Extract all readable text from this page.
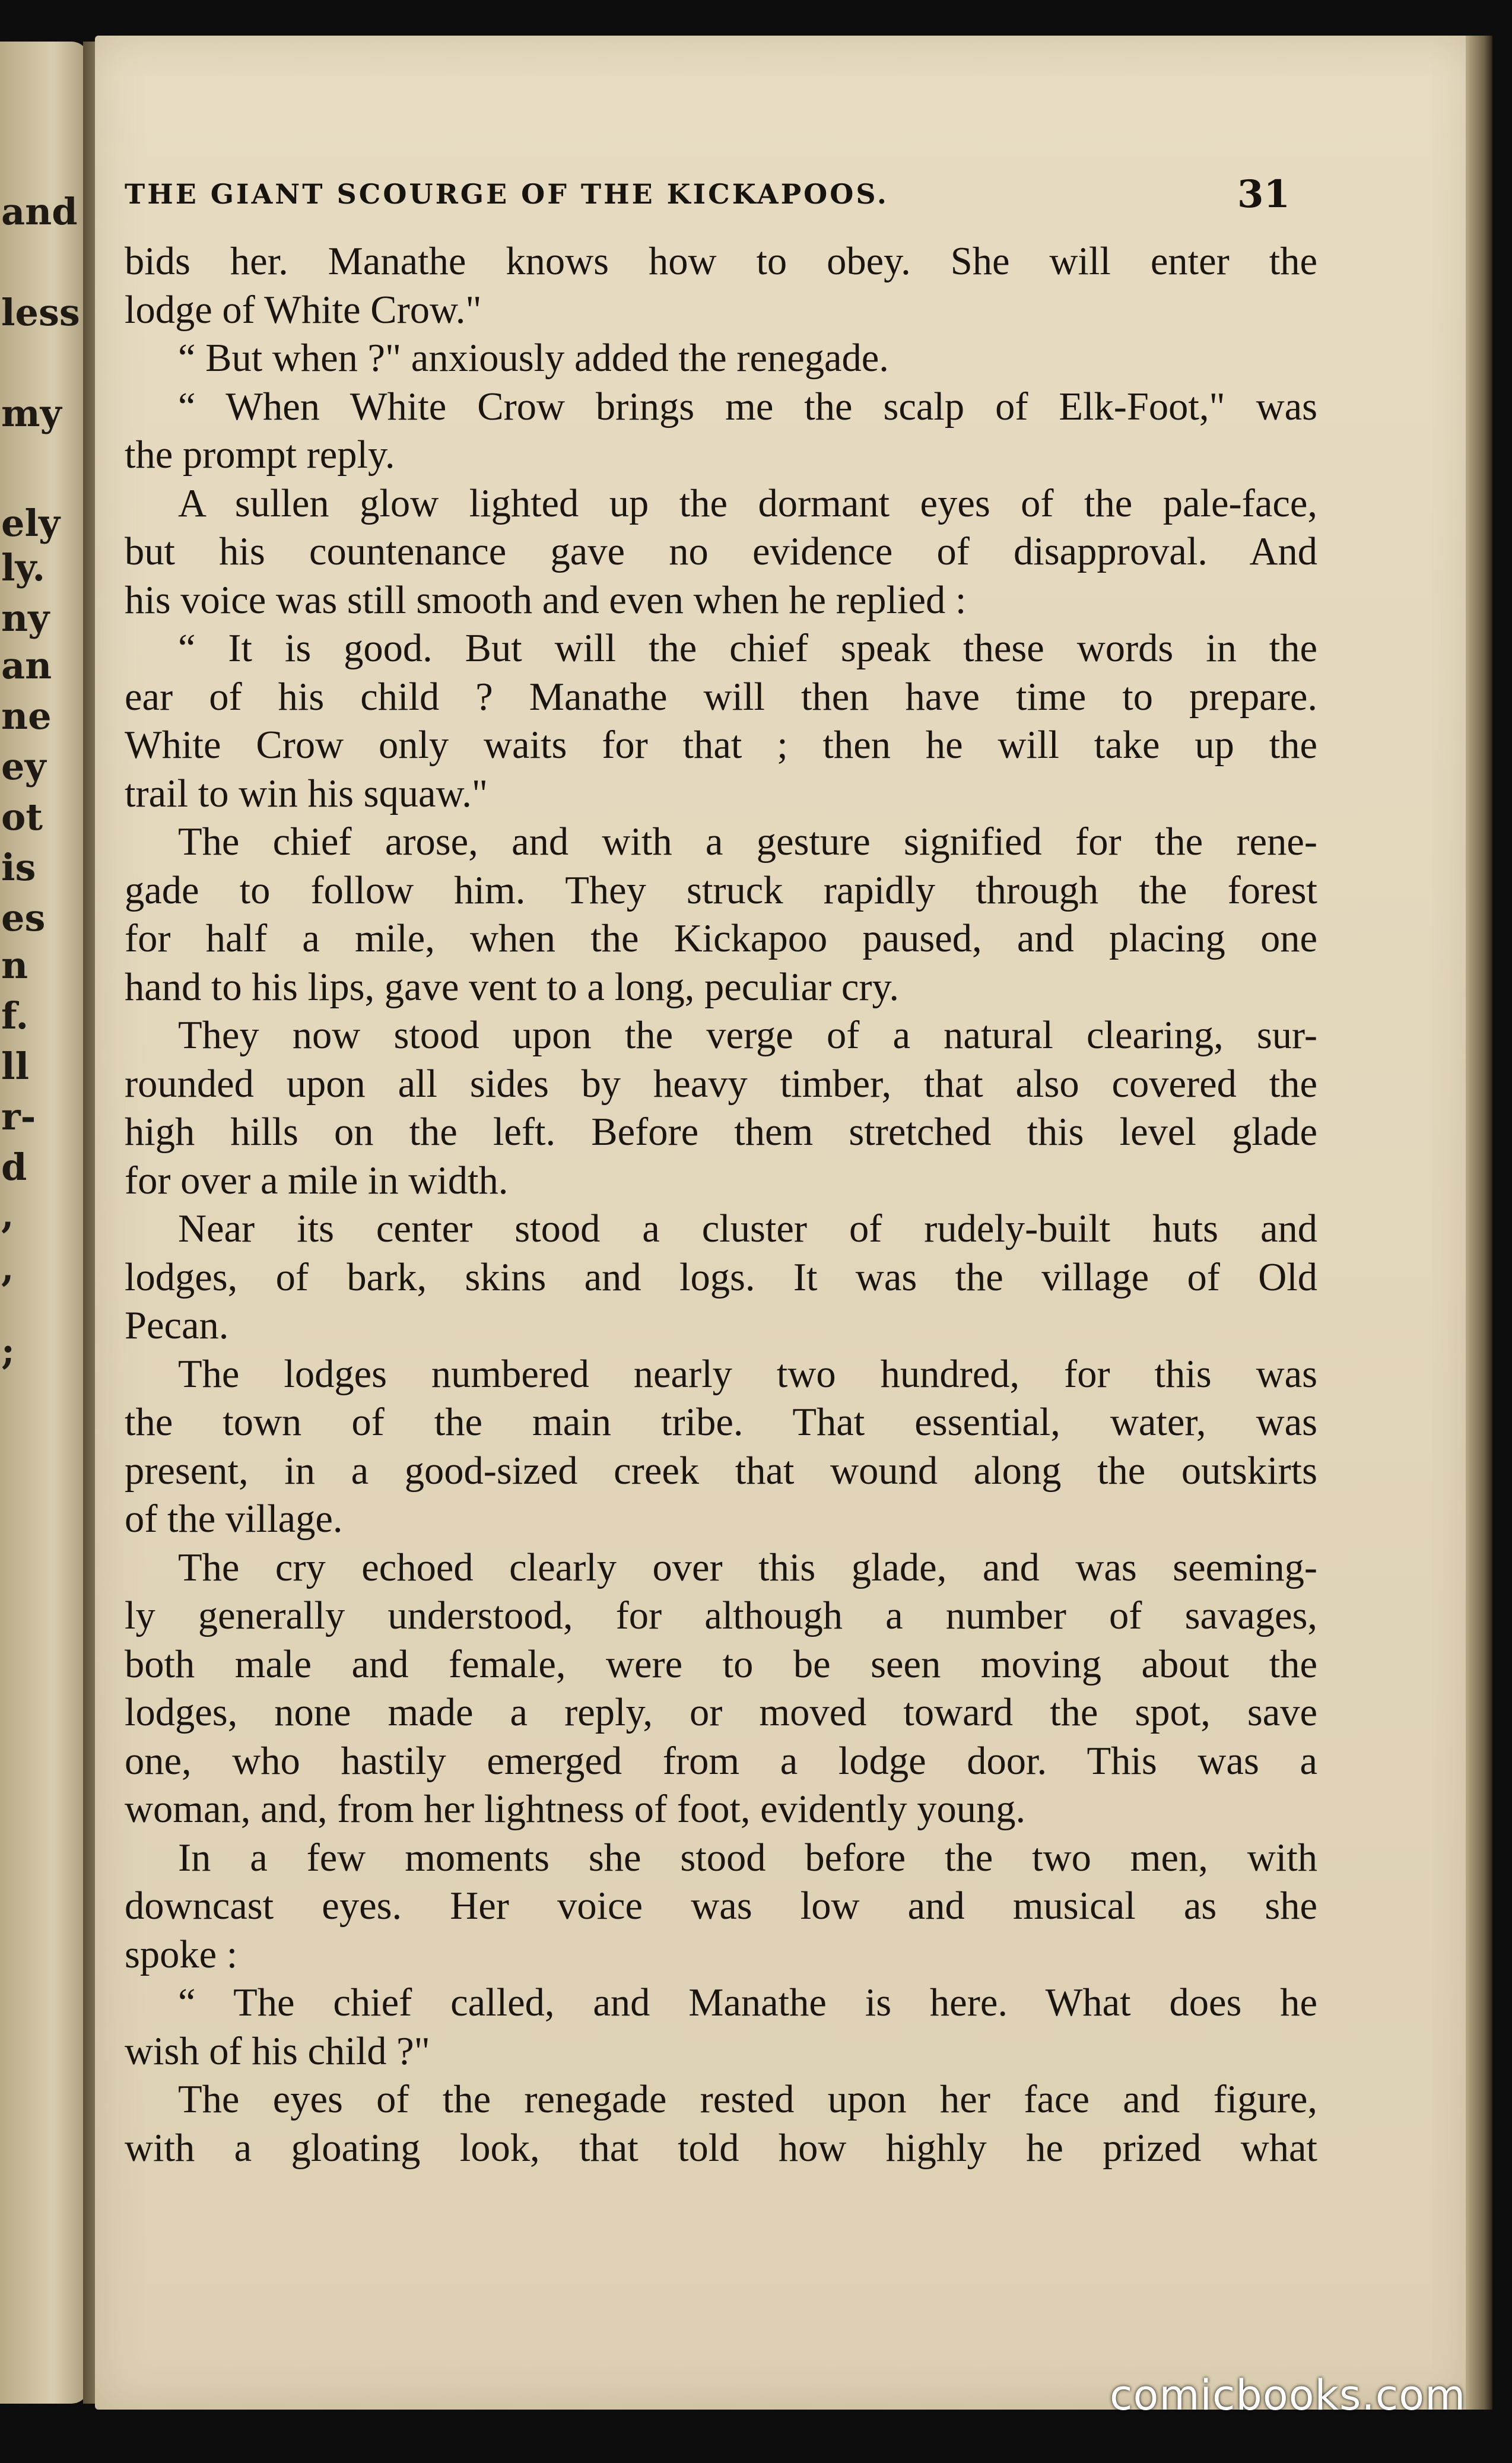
and
less
my
ely
ly.
ny
an
ne
ey
ot
is
es
n
f.
ll
r-
d
,
,
;
THE GIANT SCOURGE OF THE KICKAPOOS.	31
bids her. Manathe knows how to obey. She will enter the
lodge of White Crow."
“ But when ?" anxiously added the renegade.
“ When White Crow brings me the scalp of Elk-Foot," was
the prompt reply.
A sullen glow lighted up the dormant eyes of the pale-face,
but his countenance gave no evidence of disapproval. And
his voice was still smooth and even when he replied :
“ It is good. But will the chief speak these words in the
ear of his child ? Manathe will then have time to prepare.
White Crow only waits for that ; then he will take up the
trail to win his squaw."
The chief arose, and with a gesture signified for the rene-
gade to follow him. They struck rapidly through the forest
for half a mile, when the Kickapoo paused, and placing one
hand to his lips, gave vent to a long, peculiar cry.
They now stood upon the verge of a natural clearing, sur-
rounded upon all sides by heavy timber, that also covered the
high hills on the left. Before them stretched this level glade
for over a mile in width.
Near its center stood a cluster of rudely-built huts and
lodges, of bark, skins and logs. It was the village of Old
Pecan.
The lodges numbered nearly two hundred, for this was
the town of the main tribe. That essential, water, was
present, in a good-sized creek that wound along the outskirts
of the village.
The cry echoed clearly over this glade, and was seeming-
ly generally understood, for although a number of savages,
both male and female, were to be seen moving about the
lodges, none made a reply, or moved toward the spot, save
one, who hastily emerged from a lodge door. This was a
woman, and, from her lightness of foot, evidently young.
In a few moments she stood before the two men, with
downcast eyes. Her voice was low and musical as she
spoke :
“ The chief called, and Manathe is here. What does he
wish of his child ?"
The eyes of the renegade rested upon her face and figure,
with a gloating look, that told how highly he prized what
comicbooks.com
